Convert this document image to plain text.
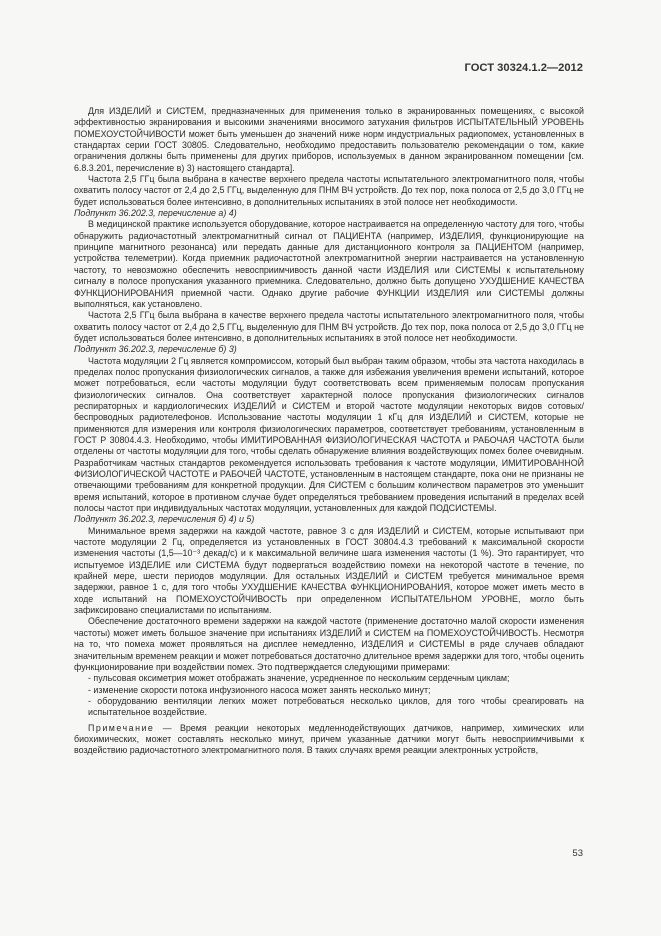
ГОСТ 30324.1.2—2012

Для ИЗДЕЛИЙ и СИСТЕМ, предназначенных для применения только в экранированных помещениях, с высокой эффективностью экранирования и высокими значениями вносимого затухания фильтров ИСПЫТАТЕЛЬНЫЙ УРОВЕНЬ ПОМЕХОУСТОЙЧИВОСТИ может быть уменьшен до значений ниже норм индустриальных радиопомех, установленных в стандартах серии ГОСТ 30805. Следовательно, необходимо предоставить пользователю рекомендации о том, какие ограничения должны быть применены для других приборов, используемых в данном экранированном помещении [см. 6.8.3.201, перечисление в) 3) настоящего стандарта].

Частота 2,5 ГГц была выбрана в качестве верхнего предела частоты испытательного электромагнитного поля, чтобы охватить полосу частот от 2,4 до 2,5 ГГц, выделенную для ПНМ ВЧ устройств. До тех пор, пока полоса от 2,5 до 3,0 ГГц не будет использоваться более интенсивно, в дополнительных испытаниях в этой полосе нет необходимости.

Подпункт 36.202.3, перечисление а) 4)

В медицинской практике используется оборудование, которое настраивается на определенную частоту для того, чтобы обнаружить радиочастотный электромагнитный сигнал от ПАЦИЕНТА (например, ИЗДЕЛИЯ, функционирующие на принципе магнитного резонанса) или передать данные для дистанционного контроля за ПАЦИЕНТОМ (например, устройства телеметрии). Когда приемник радиочастотной электромагнитной энергии настраивается на установленную частоту, то невозможно обеспечить невосприимчивость данной части ИЗДЕЛИЯ или СИСТЕМЫ к испытательному сигналу в полосе пропускания указанного приемника. Следовательно, должно быть допущено УХУДШЕНИЕ КАЧЕСТВА ФУНКЦИОНИРОВАНИЯ приемной части. Однако другие рабочие ФУНКЦИИ ИЗДЕЛИЯ или СИСТЕМЫ должны выполняться, как установлено.

Частота 2,5 ГГц была выбрана в качестве верхнего предела частоты испытательного электромагнитного поля, чтобы охватить полосу частот от 2,4 до 2,5 ГГц, выделенную для ПНМ ВЧ устройств. До тех пор, пока полоса от 2,5 до 3,0 ГГц не будет использоваться более интенсивно, в дополнительных испытаниях в этой полосе нет необходимости.

Подпункт 36.202.3, перечисление б) 3)

Частота модуляции 2 Гц является компромиссом, который был выбран таким образом, чтобы эта частота находилась в пределах полос пропускания физиологических сигналов, а также для избежания увеличения времени испытаний, которое может потребоваться, если частоты модуляции будут соответствовать всем применяемым полосам пропускания физиологических сигналов. Она соответствует характерной полосе пропускания физиологических сигналов респираторных и кардиологических ИЗДЕЛИЙ и СИСТЕМ и второй частоте модуляции некоторых видов сотовых/беспроводных радиотелефонов. Использование частоты модуляции 1 кГц для ИЗДЕЛИЙ и СИСТЕМ, которые не применяются для измерения или контроля физиологических параметров, соответствует требованиям, установленным в ГОСТ Р 30804.4.3. Необходимо, чтобы ИМИТИРОВАННАЯ ФИЗИОЛОГИЧЕСКАЯ ЧАСТОТА и РАБОЧАЯ ЧАСТОТА были отделены от частоты модуляции для того, чтобы сделать обнаружение влияния воздействующих помех более очевидным. Разработчикам частных стандартов рекомендуется использовать требования к частоте модуляции, ИМИТИРОВАННОЙ ФИЗИОЛОГИЧЕСКОЙ ЧАСТОТЕ и РАБОЧЕЙ ЧАСТОТЕ, установленным в настоящем стандарте, пока они не признаны не отвечающими требованиям для конкретной продукции. Для СИСТЕМ с большим количеством параметров это уменьшит время испытаний, которое в противном случае будет определяться требованием проведения испытаний в пределах всей полосы частот при индивидуальных частотах модуляции, установленных для каждой ПОДСИСТЕМЫ.

Подпункт 36.202.3, перечисления б) 4) и 5)

Минимальное время задержки на каждой частоте, равное 3 с для ИЗДЕЛИЙ и СИСТЕМ, которые испытывают при частоте модуляции 2 Гц, определяется из установленных в ГОСТ 30804.4.3 требований к максимальной скорости изменения частоты (1,5—10⁻³ декад/с) и к максимальной величине шага изменения частоты (1 %). Это гарантирует, что испытуемое ИЗДЕЛИЕ или СИСТЕМА будут подвергаться воздействию помехи на некоторой частоте в течение, по крайней мере, шести периодов модуляции. Для остальных ИЗДЕЛИЙ и СИСТЕМ требуется минимальное время задержки, равное 1 с, для того чтобы УХУДШЕНИЕ КАЧЕСТВА ФУНКЦИОНИРОВАНИЯ, которое может иметь место в ходе испытаний на ПОМЕХОУСТОЙЧИВОСТЬ при определенном ИСПЫТАТЕЛЬНОМ УРОВНЕ, могло быть зафиксировано специалистами по испытаниям.

Обеспечение достаточного времени задержки на каждой частоте (применение достаточно малой скорости изменения частоты) может иметь большое значение при испытаниях ИЗДЕЛИЙ и СИСТЕМ на ПОМЕХОУСТОЙЧИВОСТЬ. Несмотря на то, что помеха может проявляться на дисплее немедленно, ИЗДЕЛИЯ и СИСТЕМЫ в ряде случаев обладают значительным временем реакции и может потребоваться достаточно длительное время задержки для того, чтобы оценить функционирование при воздействии помех. Это подтверждается следующими примерами:

- пульсовая оксиметрия может отображать значение, усредненное по нескольким сердечным циклам;

- изменение скорости потока инфузионного насоса может занять несколько минут;

- оборудованию вентиляции легких может потребоваться несколько циклов, для того чтобы среагировать на испытательное воздействие.

Примечание — Время реакции некоторых медленнодействующих датчиков, например, химических или биохимических, может составлять несколько минут, причем указанные датчики могут быть невосприимчивыми к воздействию радиочастотного электромагнитного поля. В таких случаях время реакции электронных устройств,

53
